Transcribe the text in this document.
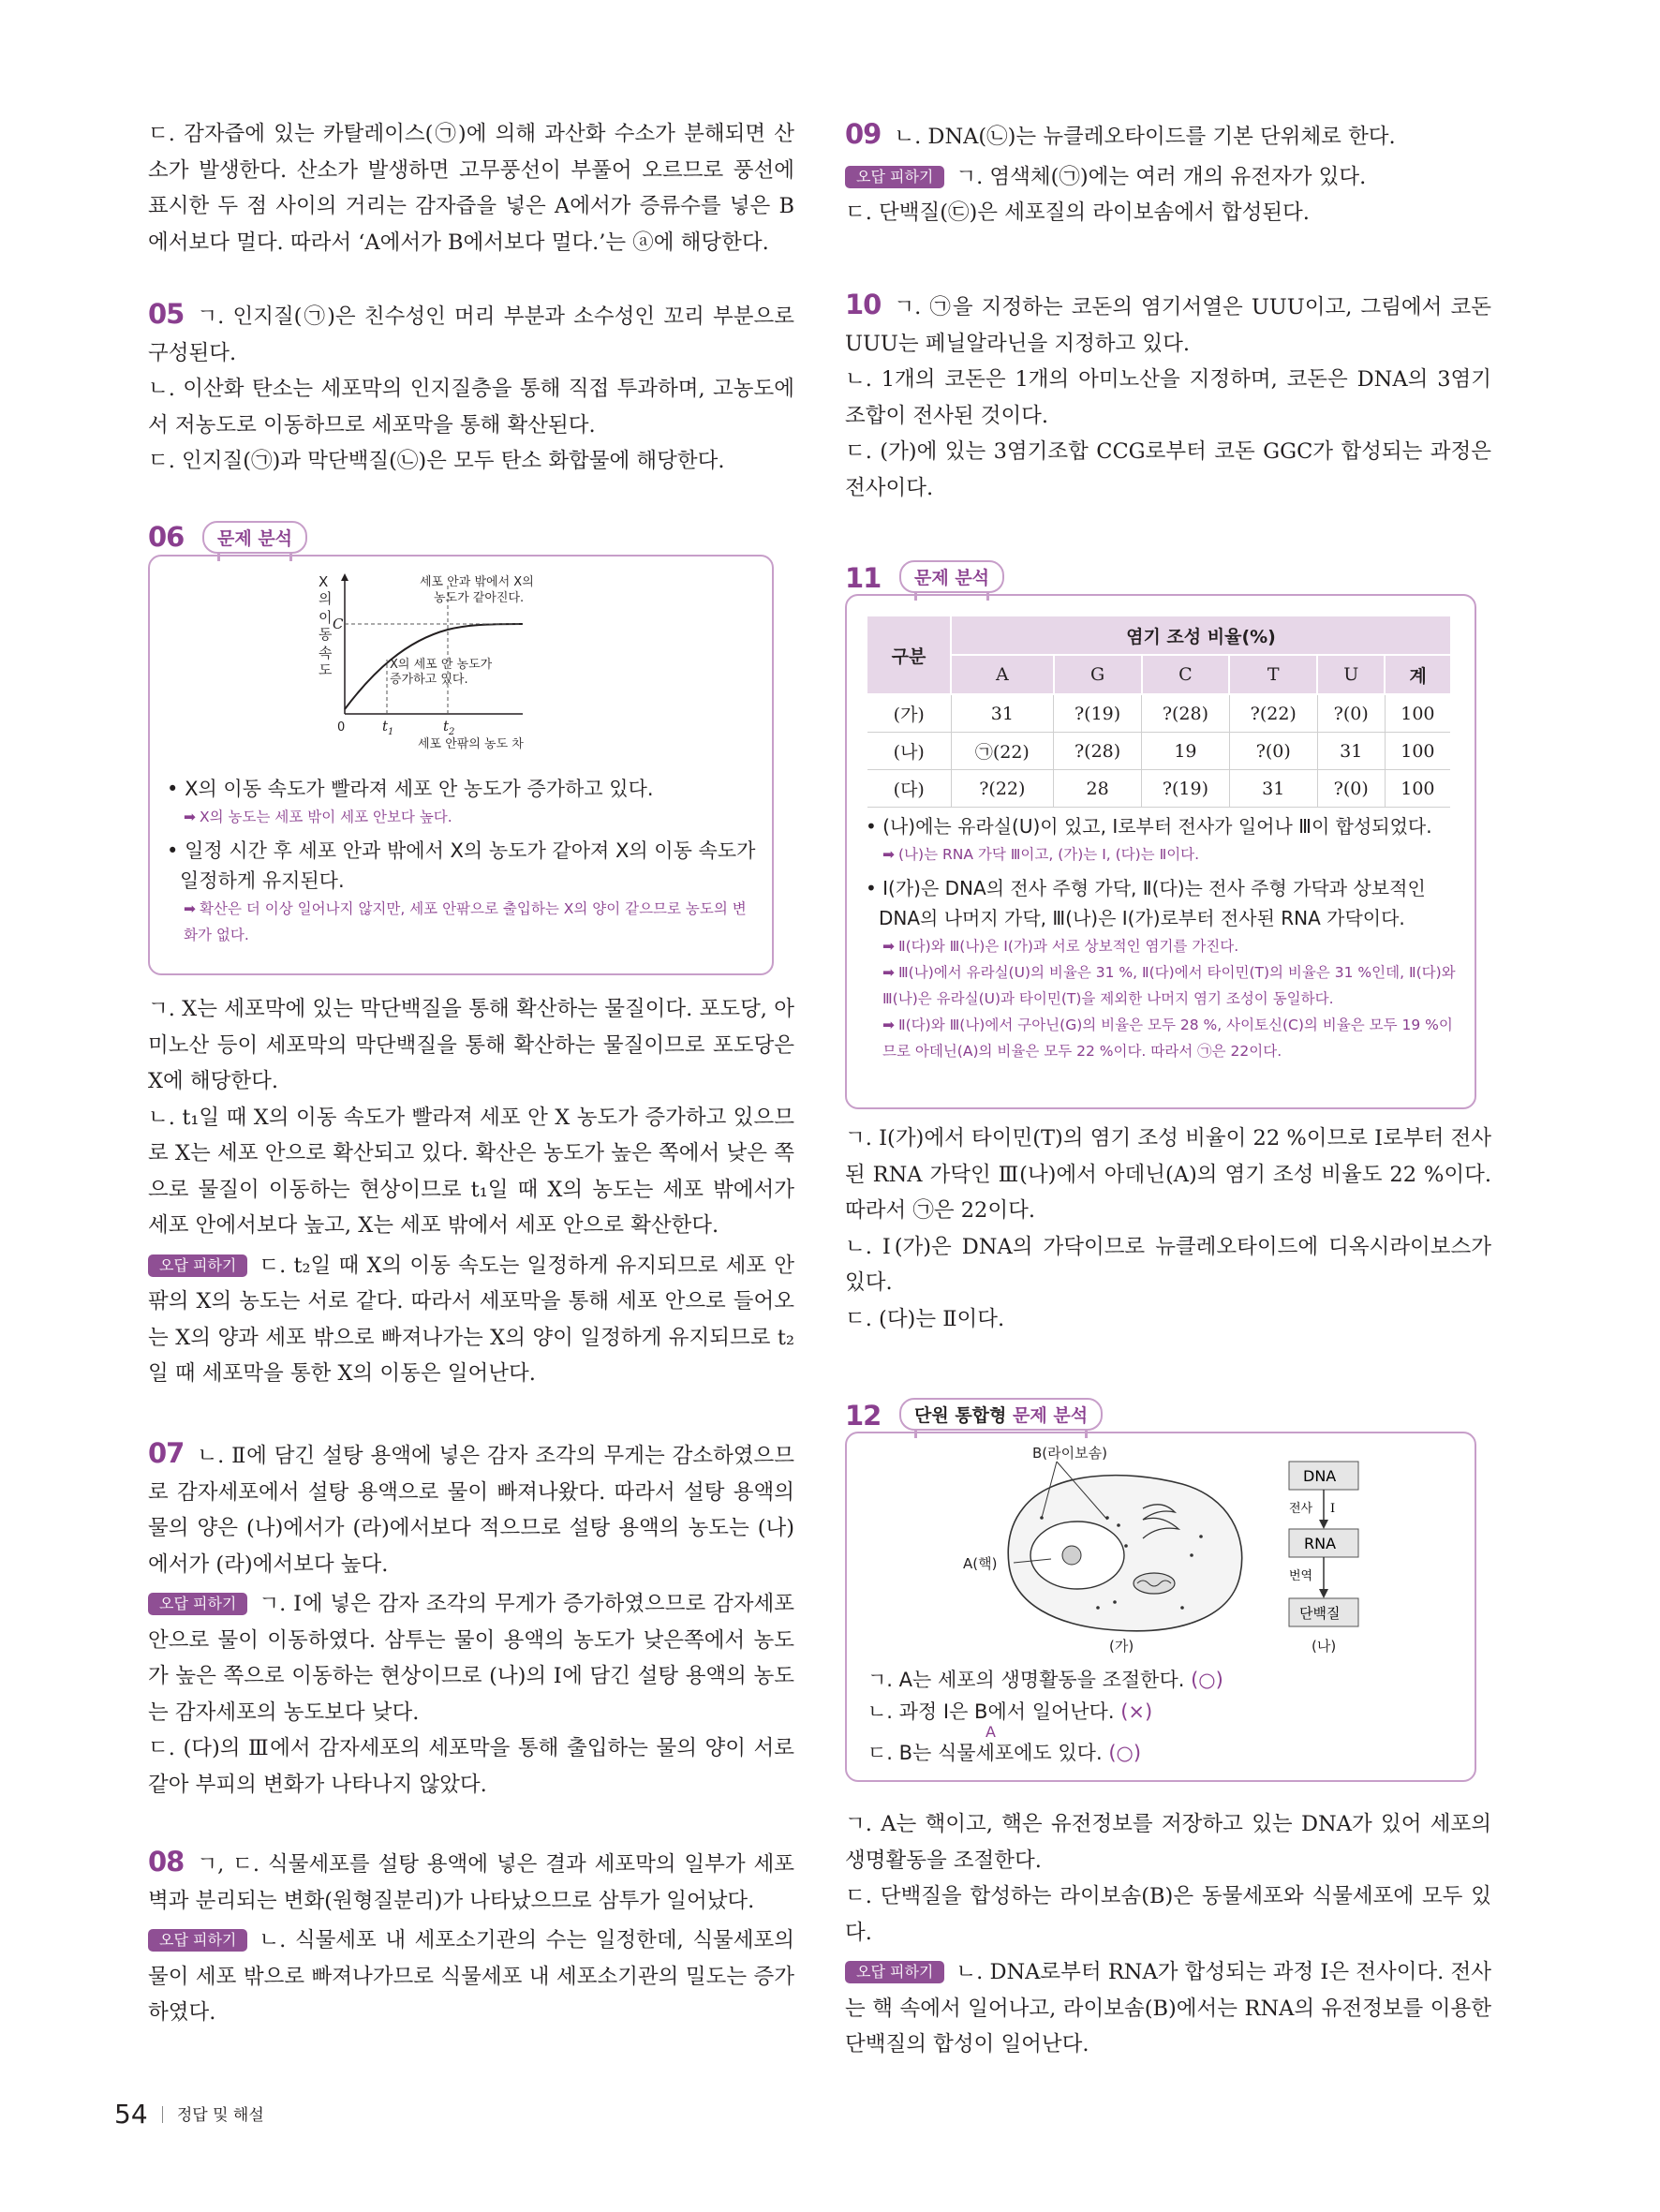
ㄷ. 감자즙에 있는 카탈레이스(㉠)에 의해 과산화 수소가 분해되면 산소가 발생한다. 산소가 발생하면 고무풍선이 부풀어 오르므로 풍선에 표시한 두 점 사이의 거리는 감자즙을 넣은 A에서가 증류수를 넣은 B에서보다 멀다. 따라서 ‘A에서가 B에서보다 멀다.’는 ⓐ에 해당한다.

05 ㄱ. 인지질(㉠)은 친수성인 머리 부분과 소수성인 꼬리 부분으로 구성된다.

ㄴ. 이산화 탄소는 세포막의 인지질층을 통해 직접 투과하며, 고농도에서 저농도로 이동하므로 세포막을 통해 확산된다.

ㄷ. 인지질(㉠)과 막단백질(㉡)은 모두 탄소 화합물에 해당한다.

06	문제 분석
X
의
이
동
속
도
C
t 1	t 2
0
세포 안팎의 농도 차
세포 안과 밖에서 X의
농도가 같아진다.
X의 세포 안 농도가
증가하고 있다.

• X의 이동 속도가 빨라져 세포 안 농도가 증가하고 있다.

➡ X의 농도는 세포 밖이 세포 안보다 높다.

• 일정 시간 후 세포 안과 밖에서 X의 농도가 같아져 X의 이동 속도가 일정하게 유지된다.

➡ 확산은 더 이상 일어나지 않지만, 세포 안팎으로 출입하는 X의 양이 같으므로 농도의 변화가 없다.

ㄱ. X는 세포막에 있는 막단백질을 통해 확산하는 물질이다. 포도당, 아미노산 등이 세포막의 막단백질을 통해 확산하는 물질이므로 포도당은 X에 해당한다.

ㄴ. t₁일 때 X의 이동 속도가 빨라져 세포 안 X 농도가 증가하고 있으므로 X는 세포 안으로 확산되고 있다. 확산은 농도가 높은 쪽에서 낮은 쪽으로 물질이 이동하는 현상이므로 t₁일 때 X의 농도는 세포 밖에서가 세포 안에서보다 높고, X는 세포 밖에서 세포 안으로 확산한다.

오답 피하기 ㄷ. t₂일 때 X의 이동 속도는 일정하게 유지되므로 세포 안팎의 X의 농도는 서로 같다. 따라서 세포막을 통해 세포 안으로 들어오는 X의 양과 세포 밖으로 빠져나가는 X의 양이 일정하게 유지되므로 t₂일 때 세포막을 통한 X의 이동은 일어난다.

07 ㄴ. Ⅱ에 담긴 설탕 용액에 넣은 감자 조각의 무게는 감소하였으므로 감자세포에서 설탕 용액으로 물이 빠져나왔다. 따라서 설탕 용액의 물의 양은 (나)에서가 (라)에서보다 적으므로 설탕 용액의 농도는 (나)에서가 (라)에서보다 높다.

오답 피하기 ㄱ. Ⅰ에 넣은 감자 조각의 무게가 증가하였으므로 감자세포 안으로 물이 이동하였다. 삼투는 물이 용액의 농도가 낮은쪽에서 농도가 높은 쪽으로 이동하는 현상이므로 (나)의 Ⅰ에 담긴 설탕 용액의 농도는 감자세포의 농도보다 낮다.

ㄷ. (다)의 Ⅲ에서 감자세포의 세포막을 통해 출입하는 물의 양이 서로 같아 부피의 변화가 나타나지 않았다.

08 ㄱ, ㄷ. 식물세포를 설탕 용액에 넣은 결과 세포막의 일부가 세포벽과 분리되는 변화(원형질분리)가 나타났으므로 삼투가 일어났다.

오답 피하기 ㄴ. 식물세포 내 세포소기관의 수는 일정한데, 식물세포의 물이 세포 밖으로 빠져나가므로 식물세포 내 세포소기관의 밀도는 증가하였다.

09 ㄴ. DNA(㉡)는 뉴클레오타이드를 기본 단위체로 한다.

오답 피하기 ㄱ. 염색체(㉠)에는 여러 개의 유전자가 있다.

ㄷ. 단백질(㉢)은 세포질의 라이보솜에서 합성된다.

10 ㄱ. ㉠을 지정하는 코돈의 염기서열은 UUU이고, 그림에서 코돈 UUU는 페닐알라닌을 지정하고 있다.

ㄴ. 1개의 코돈은 1개의 아미노산을 지정하며, 코돈은 DNA의 3염기조합이 전사된 것이다.

ㄷ. (가)에 있는 3염기조합 CCG로부터 코돈 GGC가 합성되는 과정은 전사이다.

11	문제 분석
구분	염기 조성 비율(%)					
	A	G	C	T	U	계
(가)	31	?(19)	?(28)	?(22)	?(0)	100
(나)	㉠(22)	?(28)	19	?(0)	31	100
(다)	?(22)	28	?(19)	31	?(0)	100

• (나)에는 유라실(U)이 있고, Ⅰ로부터 전사가 일어나 Ⅲ이 합성되었다.

➡ (나)는 RNA 가닥 Ⅲ이고, (가)는 Ⅰ, (다)는 Ⅱ이다.

• Ⅰ(가)은 DNA의 전사 주형 가닥, Ⅱ(다)는 전사 주형 가닥과 상보적인 DNA의 나머지 가닥, Ⅲ(나)은 Ⅰ(가)로부터 전사된 RNA 가닥이다.

➡ Ⅱ(다)와 Ⅲ(나)은 Ⅰ(가)과 서로 상보적인 염기를 가진다.

➡ Ⅲ(나)에서 유라실(U)의 비율은 31 %, Ⅱ(다)에서 타이민(T)의 비율은 31 %인데, Ⅱ(다)와 Ⅲ(나)은 유라실(U)과 타이민(T)을 제외한 나머지 염기 조성이 동일하다.

➡ Ⅱ(다)와 Ⅲ(나)에서 구아닌(G)의 비율은 모두 28 %, 사이토신(C)의 비율은 모두 19 %이므로 아데닌(A)의 비율은 모두 22 %이다. 따라서 ㉠은 22이다.

ㄱ. Ⅰ(가)에서 타이민(T)의 염기 조성 비율이 22 %이므로 Ⅰ로부터 전사된 RNA 가닥인 Ⅲ(나)에서 아데닌(A)의 염기 조성 비율도 22 %이다. 따라서 ㉠은 22이다.

ㄴ. Ⅰ(가)은 DNA의 가닥이므로 뉴클레오타이드에 디옥시라이보스가 있다.

ㄷ. (다)는 Ⅱ이다.

12	단원 통합형 문제 분석
B(라이보솜)
A(핵)
(가)	(나)
DNA
전사 Ⅰ
RNA
번역
단백질

ㄱ. A는 세포의 생명활동을 조절한다. (○)

ㄴ. 과정 Ⅰ은 B에서 일어난다. (×)
A

ㄷ. B는 식물세포에도 있다. (○)

ㄱ. A는 핵이고, 핵은 유전정보를 저장하고 있는 DNA가 있어 세포의 생명활동을 조절한다.

ㄷ. 단백질을 합성하는 라이보솜(B)은 동물세포와 식물세포에 모두 있다.

오답 피하기 ㄴ. DNA로부터 RNA가 합성되는 과정 Ⅰ은 전사이다. 전사는 핵 속에서 일어나고, 라이보솜(B)에서는 RNA의 유전정보를 이용한 단백질의 합성이 일어난다.

54 정답 및 해설
